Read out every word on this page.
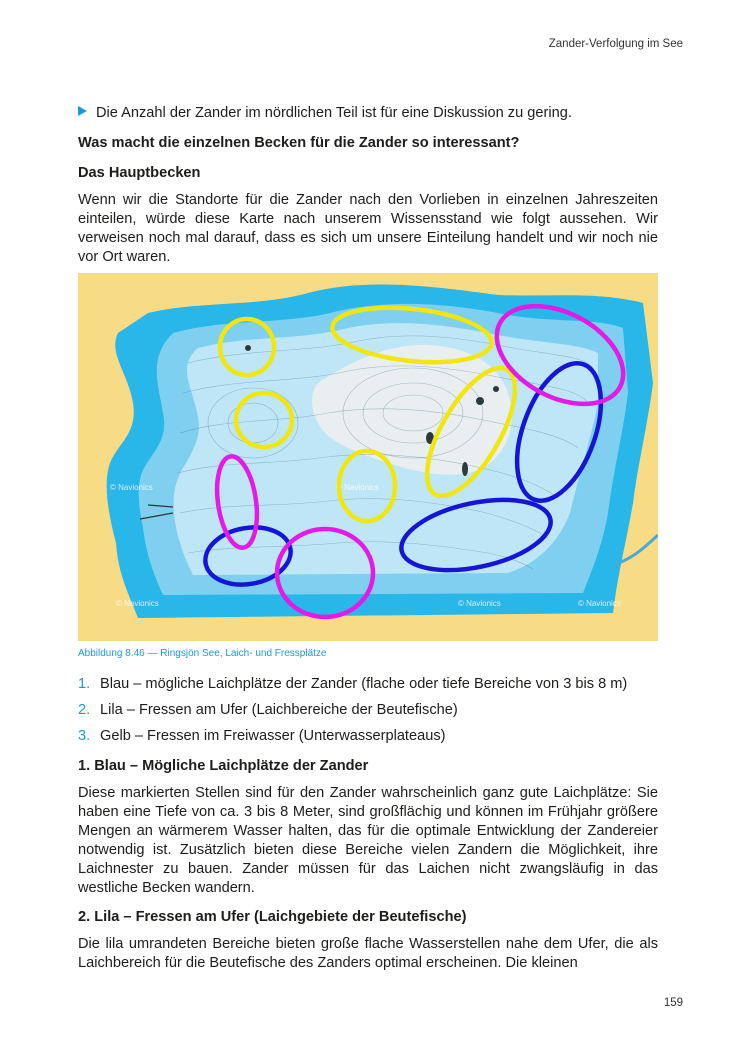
Zander-Verfolgung im See

Die Anzahl der Zander im nördlichen Teil ist für eine Diskussion zu gering.

Was macht die einzelnen Becken für die Zander so interessant?
Das Hauptbecken

Wenn wir die Standorte für die Zander nach den Vorlieben in einzelnen Jahreszeiten einteilen, würde diese Karte nach unserem Wissensstand wie folgt aussehen. Wir verweisen noch mal darauf, dass es sich um unsere Einteilung handelt und wir noch nie vor Ort waren.

© Navionics	© Navionics
© Navionics
© Navionics	© Navionics
Abbildung 8.46 — Ringsjön See, Laich- und Fressplätze
1. Blau – mögliche Laichplätze der Zander (flache oder tiefe Bereiche von 3 bis 8 m)
2. Lila – Fressen am Ufer (Laichbereiche der Beutefische)
3. Gelb – Fressen im Freiwasser (Unterwasserplateaus)
1. Blau – Mögliche Laichplätze der Zander

Diese markierten Stellen sind für den Zander wahrscheinlich ganz gute Laichplätze: Sie haben eine Tiefe von ca. 3 bis 8 Meter, sind großflächig und können im Frühjahr größere Mengen an wärmerem Wasser halten, das für die optimale Entwicklung der Zandereier notwendig ist. Zusätzlich bieten diese Bereiche vielen Zandern die Möglichkeit, ihre Laichnester zu bauen. Zander müssen für das Laichen nicht zwangsläufig in das westliche Becken wandern.

2. Lila – Fressen am Ufer (Laichgebiete der Beutefische)

Die lila umrandeten Bereiche bieten große flache Wasserstellen nahe dem Ufer, die als Laichbereich für die Beutefische des Zanders optimal erscheinen. Die kleinen

159
